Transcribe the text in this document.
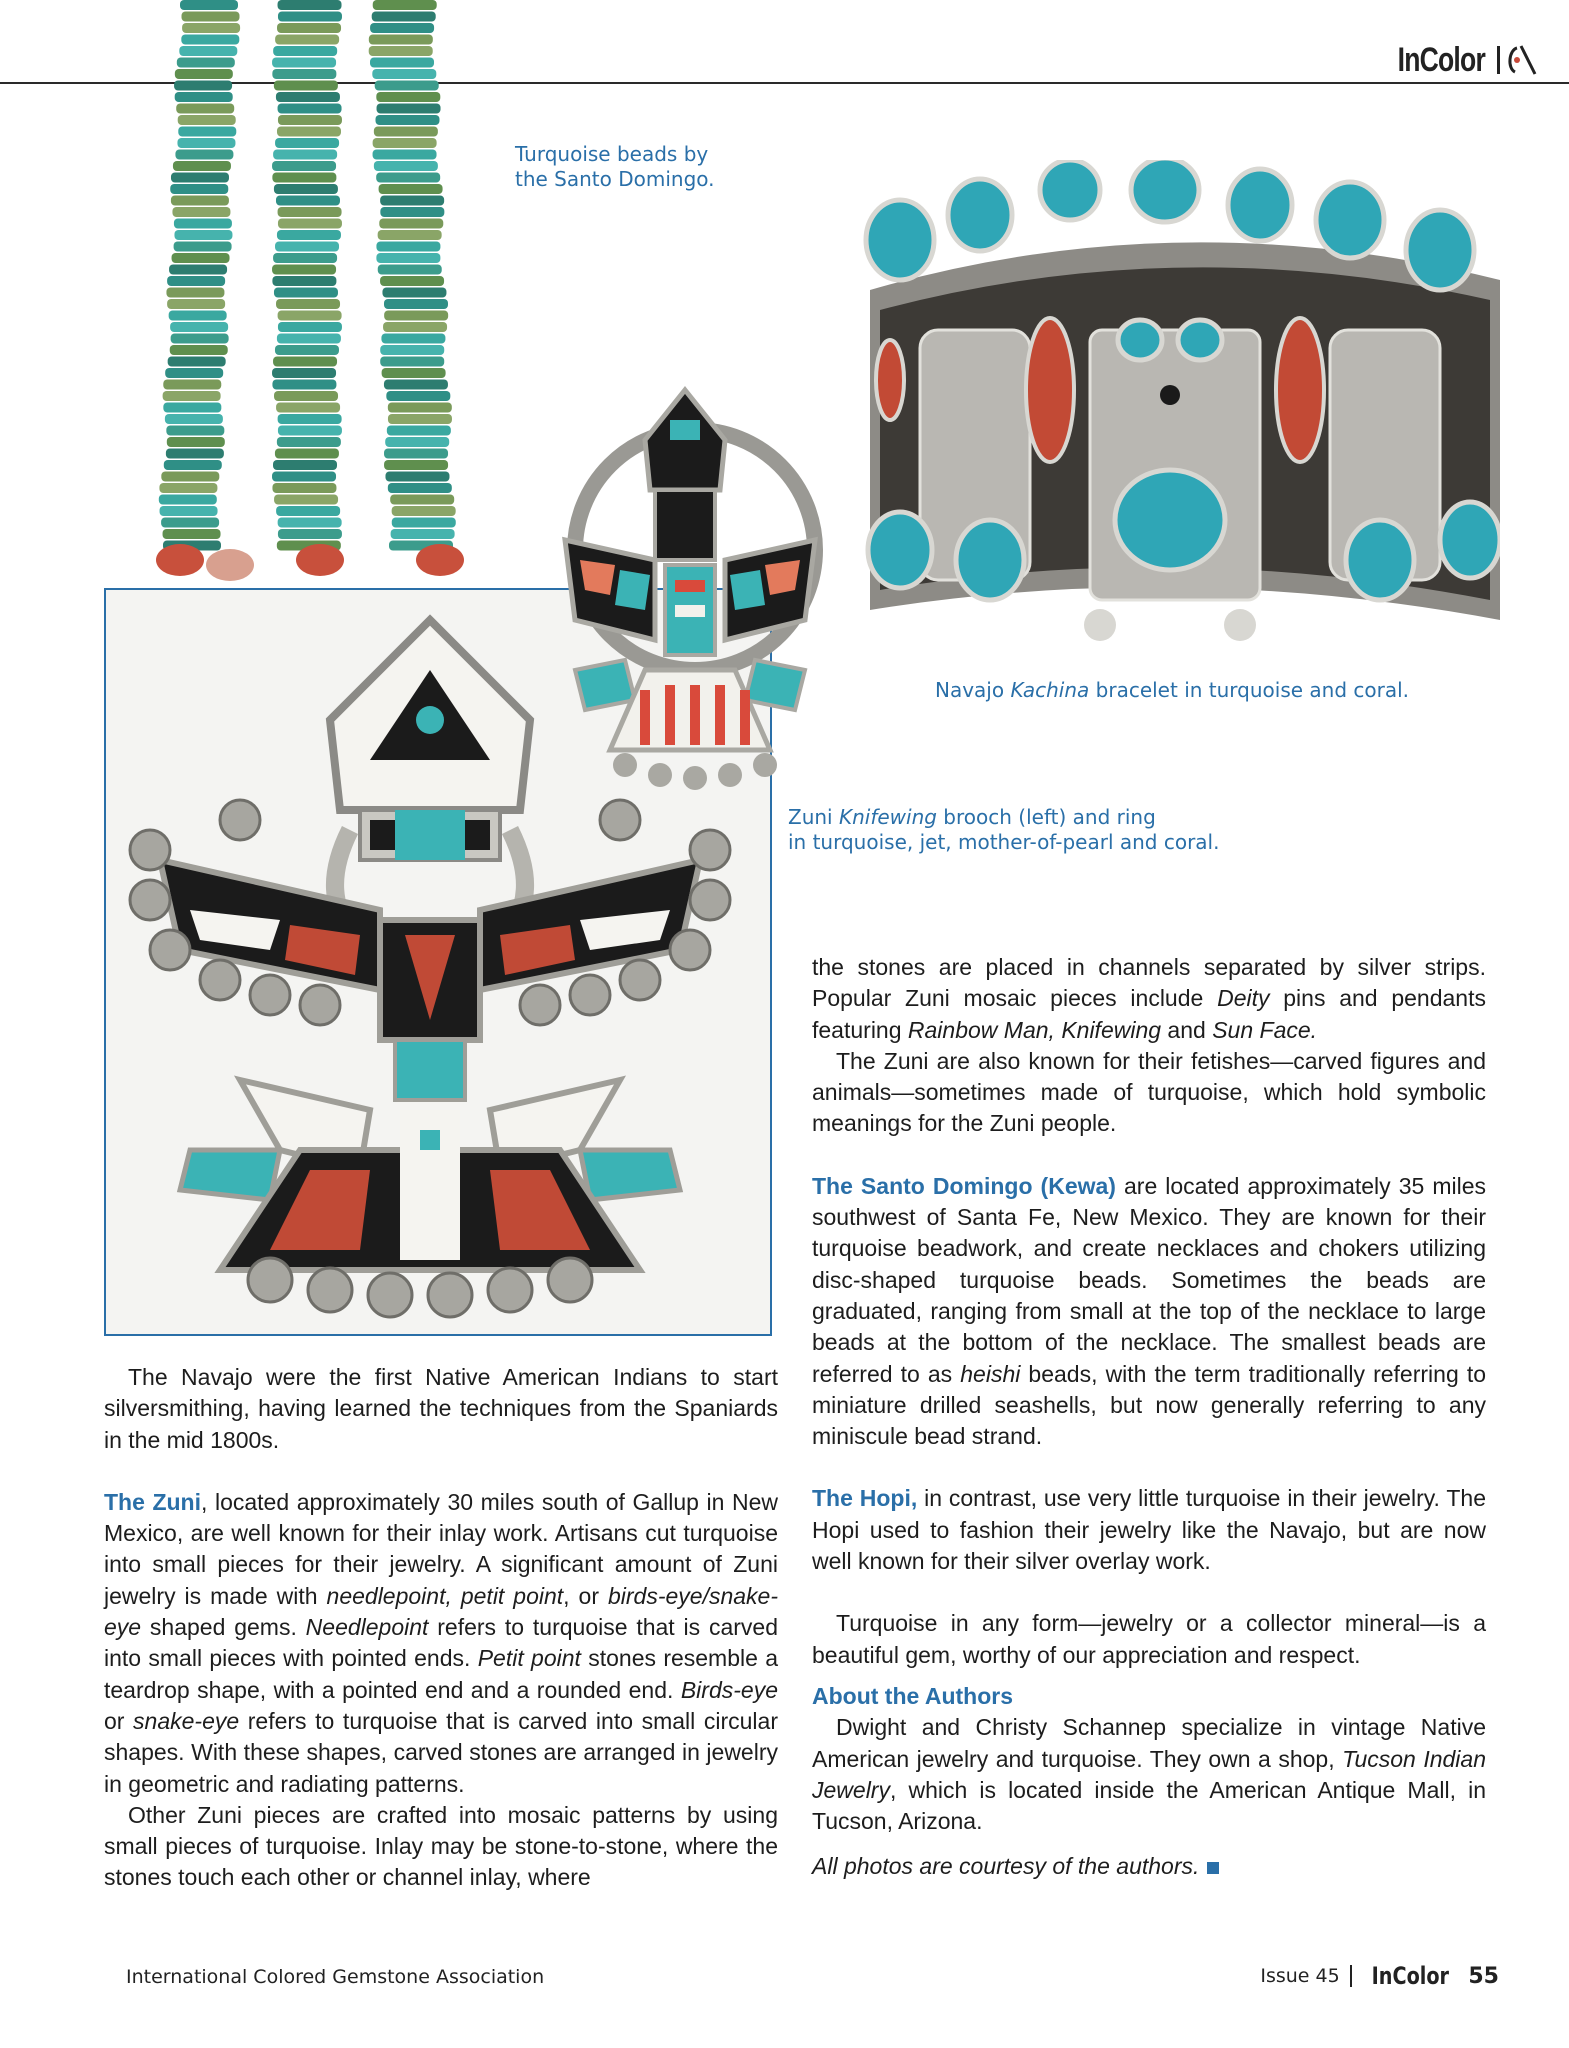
InColor
Turquoise beads by
the Santo Domingo.
Navajo Kachina bracelet in turquoise and coral.
Zuni Knifewing brooch (left) and ring
in turquoise, jet, mother-of-pearl and coral.

The Navajo were the first Native American Indians to start silversmithing, having learned the techniques from the Spaniards in the mid 1800s.

The Zuni, located approximately 30 miles south of Gallup in New Mexico, are well known for their inlay work. Artisans cut turquoise into small pieces for their jewelry. A significant amount of Zuni jewelry is made with needlepoint, petit point, or birds-eye/snake-eye shaped gems. Needlepoint refers to turquoise that is carved into small pieces with pointed ends. Petit point stones resemble a teardrop shape, with a pointed end and a rounded end. Birds-eye or snake-eye refers to turquoise that is carved into small circular shapes. With these shapes, carved stones are arranged in jewelry in geometric and radiating patterns.

Other Zuni pieces are crafted into mosaic patterns by using small pieces of turquoise. Inlay may be stone-to-stone, where the stones touch each other or channel inlay, where

the stones are placed in channels separated by silver strips. Popular Zuni mosaic pieces include Deity pins and pendants featuring Rainbow Man, Knifewing and Sun Face.

The Zuni are also known for their fetishes—carved figures and animals—sometimes made of turquoise, which hold symbolic meanings for the Zuni people.

The Santo Domingo (Kewa) are located approximately 35 miles southwest of Santa Fe, New Mexico. They are known for their turquoise beadwork, and create necklaces and chokers utilizing disc-shaped turquoise beads. Sometimes the beads are graduated, ranging from small at the top of the necklace to large beads at the bottom of the necklace. The smallest beads are referred to as heishi beads, with the term traditionally referring to miniature drilled seashells, but now generally referring to any miniscule bead strand.

The Hopi, in contrast, use very little turquoise in their jewelry. The Hopi used to fashion their jewelry like the Navajo, but are now well known for their silver overlay work.

Turquoise in any form—jewelry or a collector mineral—is a beautiful gem, worthy of our appreciation and respect.

About the Authors

Dwight and Christy Schannep specialize in vintage Native American jewelry and turquoise. They own a shop, Tucson Indian Jewelry, which is located inside the American Antique Mall, in Tucson, Arizona.

All photos are courtesy of the authors.

International Colored Gemstone Association	Issue 45 InColor 55
